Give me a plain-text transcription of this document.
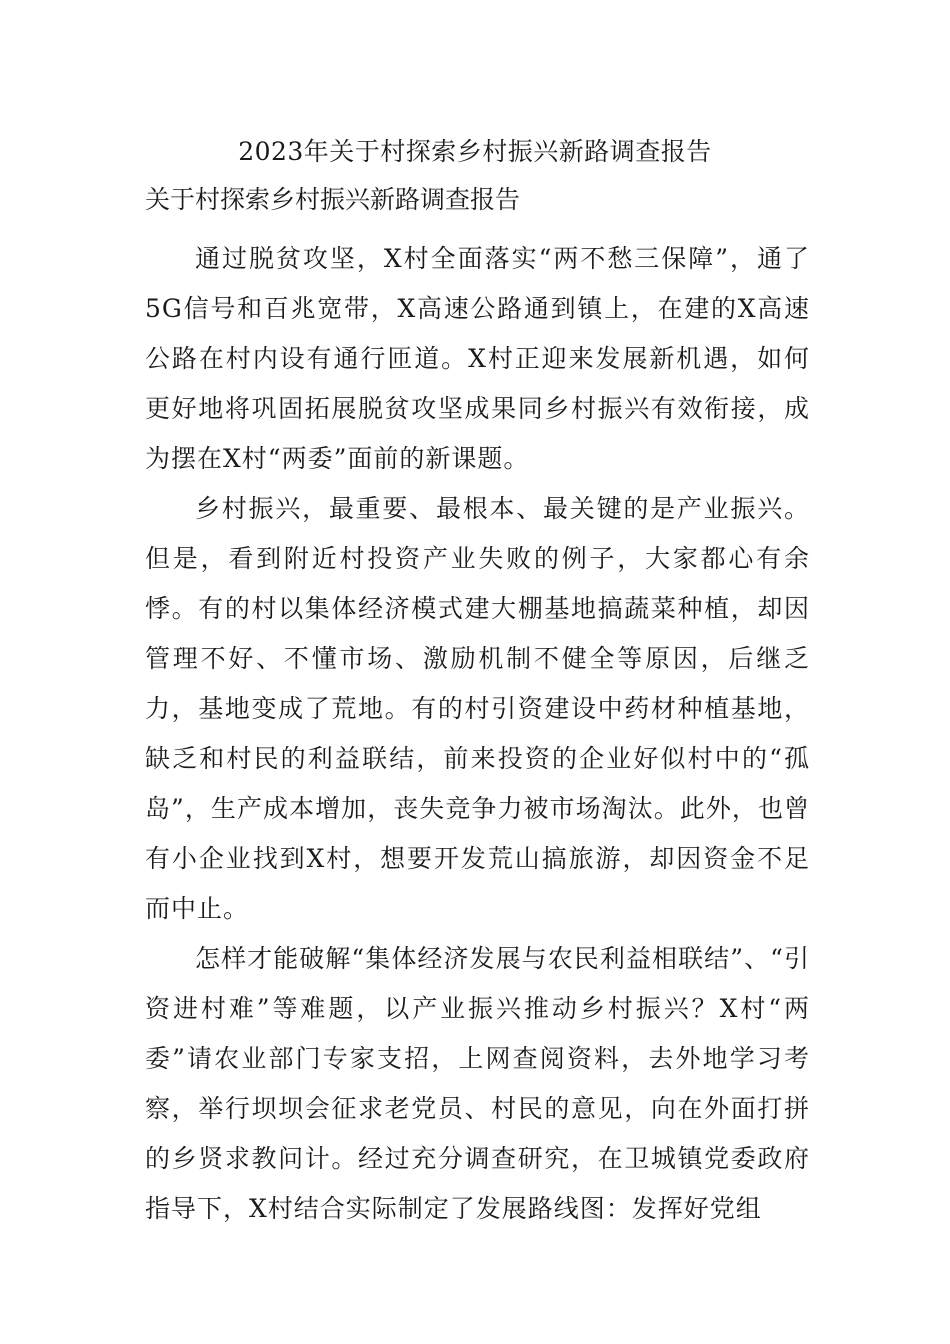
2023年关于村探索乡村振兴新路调查报告
关于村探索乡村振兴新路调查报告

通过脱贫攻坚，X村全面落实“两不愁三保障”，通了5G信号和百兆宽带，X高速公路通到镇上，在建的X高速公路在村内设有通行匝道。X村正迎来发展新机遇，如何更好地将巩固拓展脱贫攻坚成果同乡村振兴有效衔接，成为摆在X村“两委”面前的新课题。

乡村振兴，最重要、最根本、最关键的是产业振兴。但是，看到附近村投资产业失败的例子，大家都心有余悸。有的村以集体经济模式建大棚基地搞蔬菜种植，却因管理不好、不懂市场、激励机制不健全等原因，后继乏力，基地变成了荒地。有的村引资建设中药材种植基地，缺乏和村民的利益联结，前来投资的企业好似村中的“孤岛”，生产成本增加，丧失竞争力被市场淘汰。此外，也曾有小企业找到X村，想要开发荒山搞旅游，却因资金不足而中止。

怎样才能破解“集体经济发展与农民利益相联结”、“引资进村难”等难题，以产业振兴推动乡村振兴？X村“两委”请农业部门专家支招，上网查阅资料，去外地学习考察，举行坝坝会征求老党员、村民的意见，向在外面打拼的乡贤求教问计。经过充分调查研究，在卫城镇党委政府指导下，X村结合实际制定了发展路线图：发挥好党组
